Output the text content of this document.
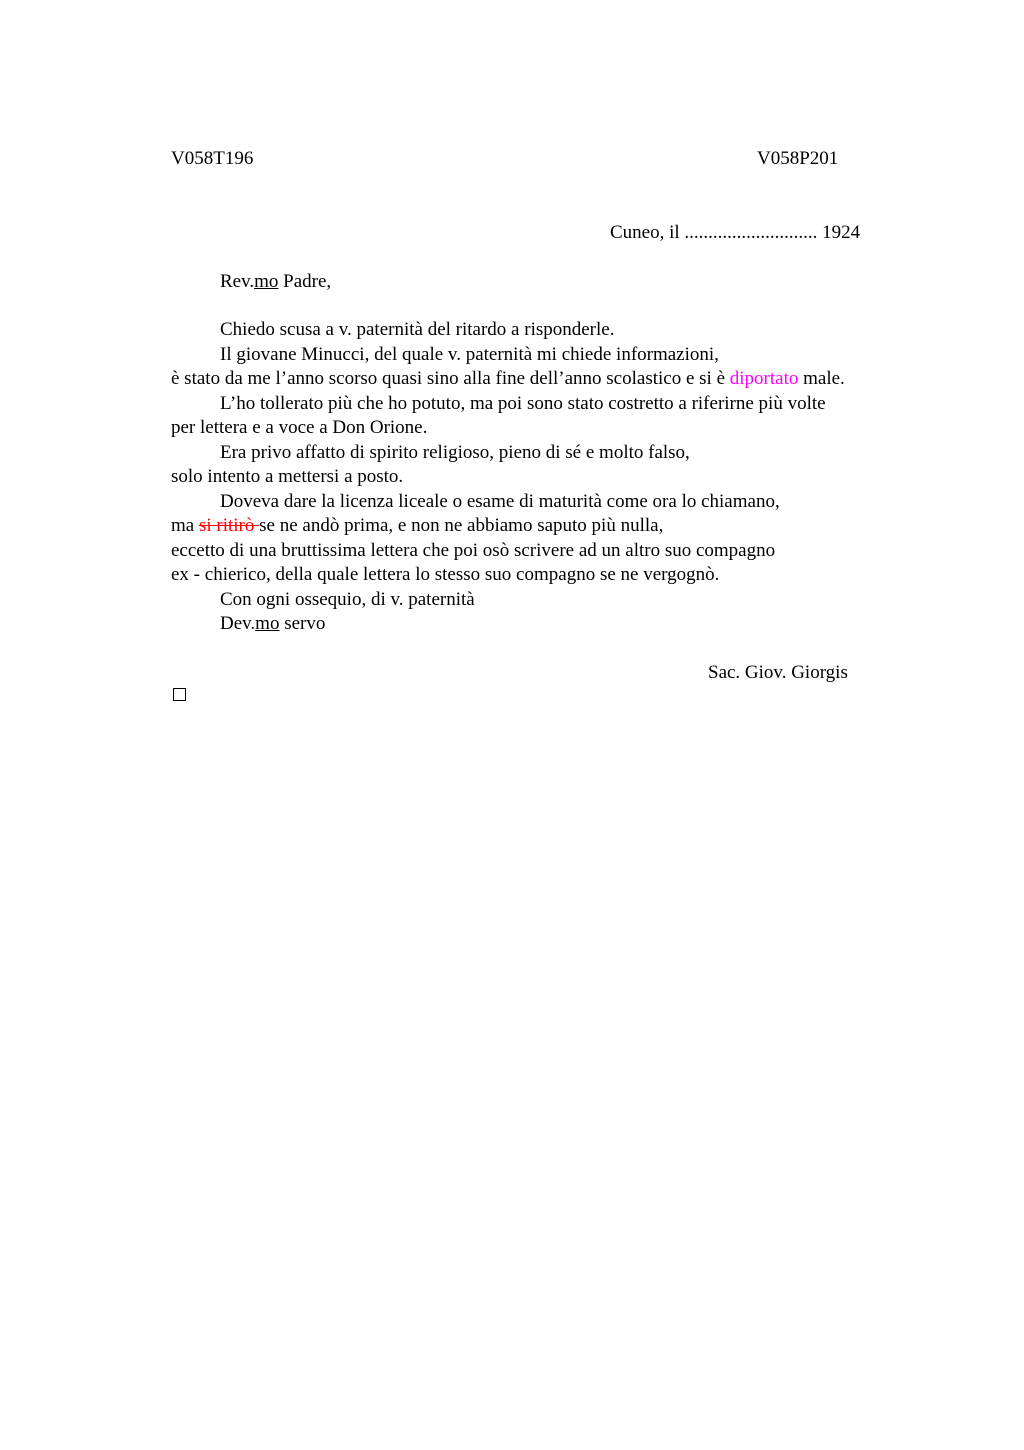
V058T196	V058P201
Cuneo, il ............................ 1924
Rev.mo Padre,
Chiedo scusa a v. paternità del ritardo a risponderle.
Il giovane Minucci, del quale v. paternità mi chiede informazioni,
è stato da me l’anno scorso quasi sino alla fine dell’anno scolastico e si è diportato male.
L’ho tollerato più che ho potuto, ma poi sono stato costretto a riferirne più volte
per lettera e a voce a Don Orione.
Era privo affatto di spirito religioso, pieno di sé e molto falso,
solo intento a mettersi a posto.
Doveva dare la licenza liceale o esame di maturità come ora lo chiamano,
ma si ritirò se ne andò prima, e non ne abbiamo saputo più nulla,
eccetto di una bruttissima lettera che poi osò scrivere ad un altro suo compagno
ex - chierico, della quale lettera lo stesso suo compagno se ne vergognò.
Con ogni ossequio, di v. paternità
Dev.mo servo
Sac. Giov. Giorgis
